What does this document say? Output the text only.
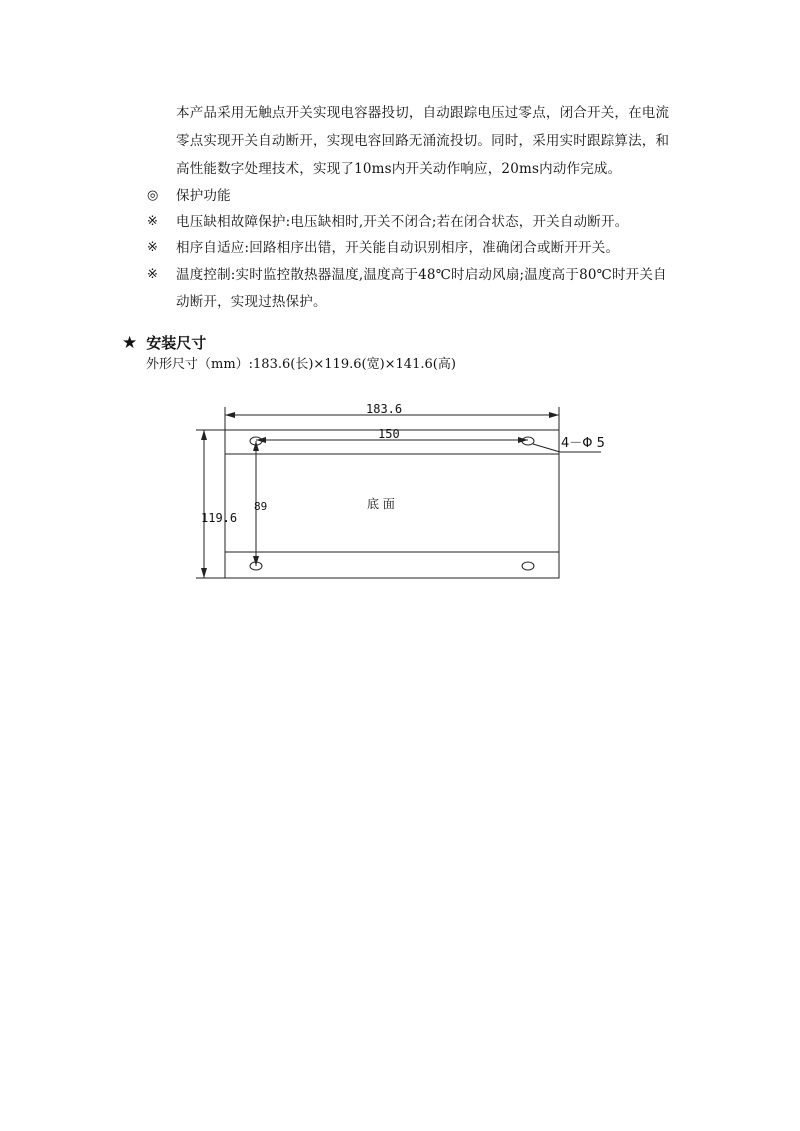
本产品采用无触点开关实现电容器投切，自动跟踪电压过零点，闭合开关，在电流
零点实现开关自动断开，实现电容回路无涌流投切。同时，采用实时跟踪算法，和
高性能数字处理技术，实现了10ms内开关动作响应，20ms内动作完成。
◎ 保护功能
※ 电压缺相故障保护:电压缺相时,开关不闭合;若在闭合状态，开关自动断开。
※ 相序自适应:回路相序出错，开关能自动识别相序，准确闭合或断开开关。
※ 温度控制:实时监控散热器温度,温度高于48℃时启动风扇;温度高于80℃时开关自
动断开，实现过热保护。
★ 安装尺寸
外形尺寸（mm）:183.6(长)×119.6(宽)×141.6(高)
183.6
150
4－Φ 5
119.6
89	底 面
